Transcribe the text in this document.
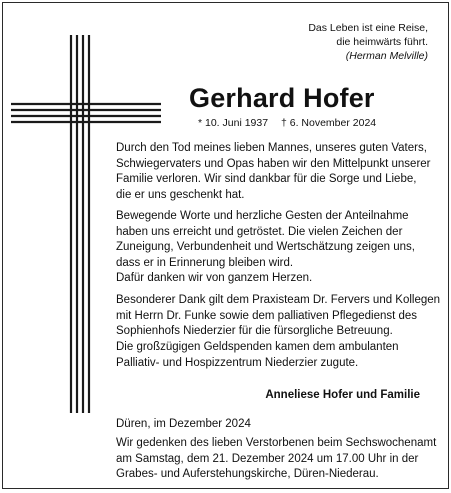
Das Leben ist eine Reise,
die heimwärts führt.
(Herman Melville)
Gerhard Hofer
* 10. Juni 1937 † 6. November 2024
Durch den Tod meines lieben Mannes, unseres guten Vaters,
Schwiegervaters und Opas haben wir den Mittelpunkt unserer
Familie verloren. Wir sind dankbar für die Sorge und Liebe,
die er uns geschenkt hat.
Bewegende Worte und herzliche Gesten der Anteilnahme
haben uns erreicht und getröstet. Die vielen Zeichen der
Zuneigung, Verbundenheit und Wertschätzung zeigen uns,
dass er in Erinnerung bleiben wird.
Dafür danken wir von ganzem Herzen.
Besonderer Dank gilt dem Praxisteam Dr. Fervers und Kollegen
mit Herrn Dr. Funke sowie dem palliativen Pflegedienst des
Sophienhofs Niederzier für die fürsorgliche Betreuung.
Die großzügigen Geldspenden kamen dem ambulanten
Palliativ- und Hospizzentrum Niederzier zugute.
Anneliese Hofer und Familie
Düren, im Dezember 2024
Wir gedenken des lieben Verstorbenen beim Sechswochenamt
am Samstag, dem 21. Dezember 2024 um 17.00 Uhr in der
Grabes- und Auferstehungskirche, Düren-Niederau.
